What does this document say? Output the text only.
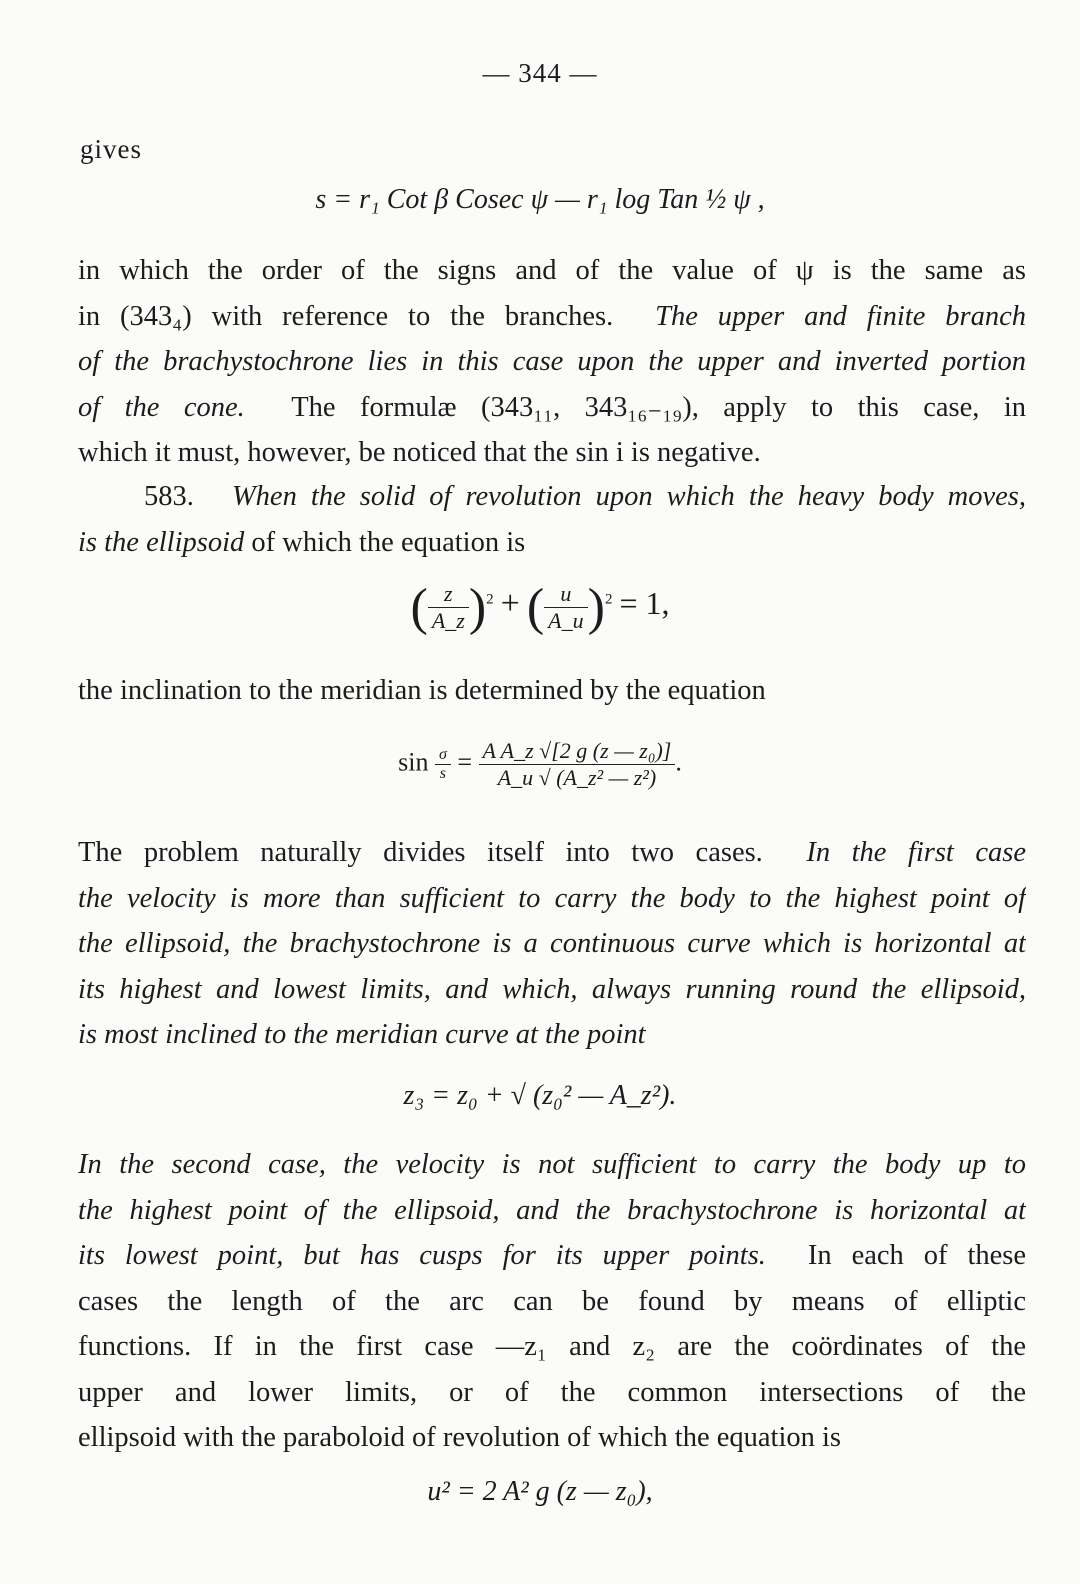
— 344 —
gives
s = r₁ Cot β Cosec ψ — r₁ log Tan ½ ψ ,
in which the order of the signs and of the value of ψ is the same as
in (343₄) with reference to the branches. The upper and finite branch
of the brachystochrone lies in this case upon the upper and inverted portion
of the cone. The formulæ (343₁₁, 343₁₆₋₁₉), apply to this case, in
which it must, however, be noticed that the sin i is negative.
583. When the solid of revolution upon which the heavy body moves,
is the ellipsoid of which the equation is
( $\frac{z}{A\_z} )^2$ + ( $\frac{u}{A\_u} )^2 = 1$,
the inclination to the meridian is determined by the equation
$\sin \frac{\sigma}{s} = \frac{\text{A A\_z √[2 g (z — z₀)]}}{\text{A\_u √ (A\_z² — z²)}}$ .
The problem naturally divides itself into two cases. In the first case
the velocity is more than sufficient to carry the body to the highest point of
the ellipsoid, the brachystochrone is a continuous curve which is horizontal at
its highest and lowest limits, and which, always running round the ellipsoid,
is most inclined to the meridian curve at the point
z₃ = z₀ + √ (z₀² — A_z²).
In the second case, the velocity is not sufficient to carry the body up to
the highest point of the ellipsoid, and the brachystochrone is horizontal at
its lowest point, but has cusps for its upper points. In each of these
cases the length of the arc can be found by means of elliptic
functions. If in the first case —z₁ and z₂ are the coördinates of the
upper and lower limits, or of the common intersections of the
ellipsoid with the paraboloid of revolution of which the equation is
u² = 2 A² g (z — z₀),
